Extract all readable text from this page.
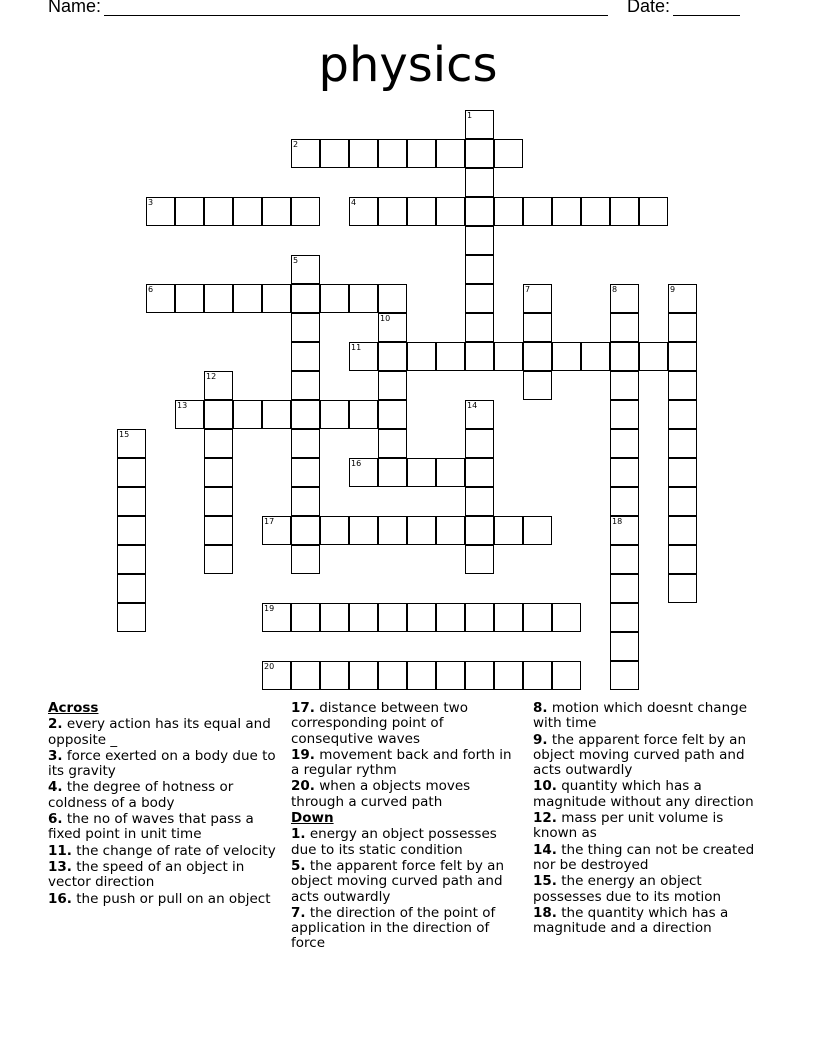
Name:	Date:
physics
1
2
3	4
5
6	7	8	9
10
11
12
13	14
15
16
17	18
19
20
Across
2. every action has its equal and opposite _
3. force exerted on a body due to its gravity
4. the degree of hotness or coldness of a body
6. the no of waves that pass a fixed point in unit time
11. the change of rate of velocity
13. the speed of an object in vector direction
16. the push or pull on an object
17. distance between two corresponding point of consequtive waves
19. movement back and forth in a regular rythm
20. when a objects moves through a curved path
Down
1. energy an object possesses due to its static condition
5. the apparent force felt by an object moving curved path and acts outwardly
7. the direction of the point of application in the direction of force
8. motion which doesnt change with time
9. the apparent force felt by an object moving curved path and acts outwardly
10. quantity which has a magnitude without any direction
12. mass per unit volume is known as
14. the thing can not be created nor be destroyed
15. the energy an object possesses due to its motion
18. the quantity which has a magnitude and a direction
